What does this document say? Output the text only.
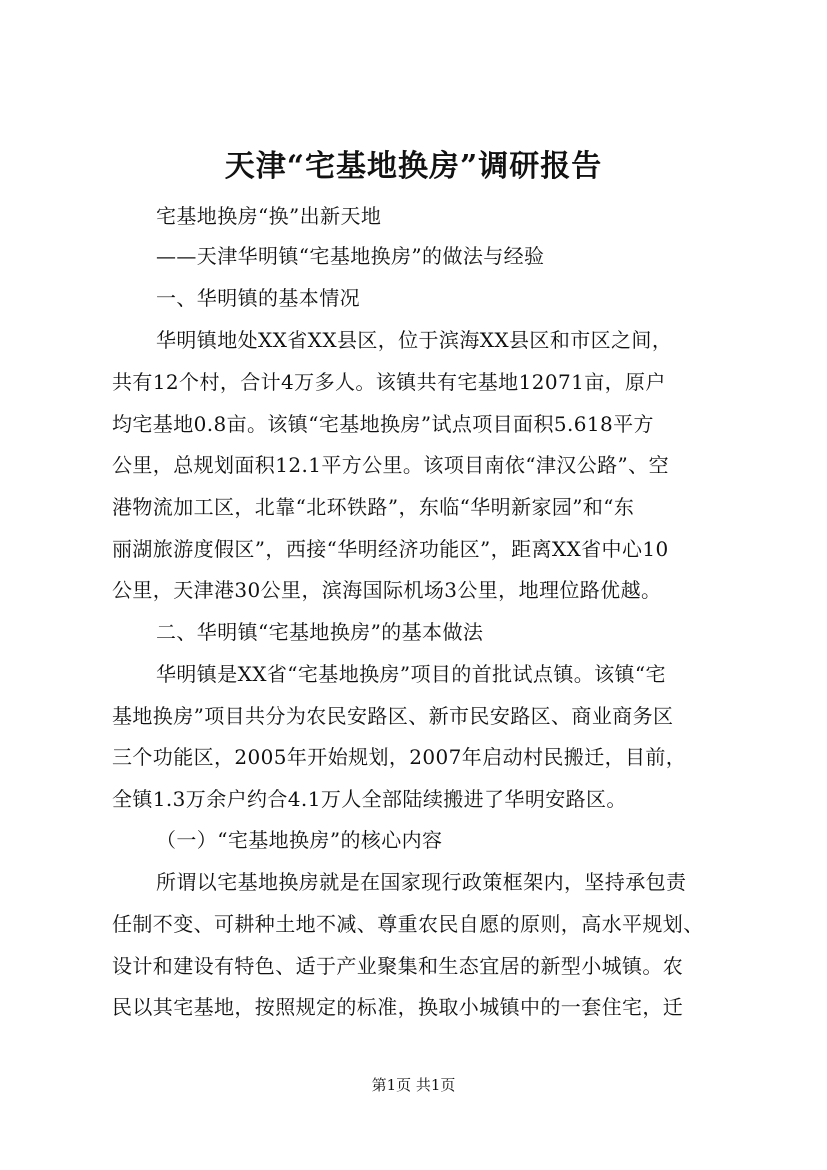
天津“宅基地换房”调研报告
宅基地换房“换”出新天地
——天津华明镇“宅基地换房”的做法与经验
一、华明镇的基本情况
华明镇地处XX省XX县区，位于滨海XX县区和市区之间，
共有12个村，合计4万多人。该镇共有宅基地12071亩，原户
均宅基地0.8亩。该镇“宅基地换房”试点项目面积5.618平方
公里，总规划面积12.1平方公里。该项目南依“津汉公路”、空
港物流加工区，北靠“北环铁路”，东临“华明新家园”和“东
丽湖旅游度假区”，西接“华明经济功能区”，距离XX省中心10
公里，天津港30公里，滨海国际机场3公里，地理位路优越。
二、华明镇“宅基地换房”的基本做法
华明镇是XX省“宅基地换房”项目的首批试点镇。该镇“宅
基地换房”项目共分为农民安路区、新市民安路区、商业商务区
三个功能区，2005年开始规划，2007年启动村民搬迁，目前，
全镇1.3万余户约合4.1万人全部陆续搬进了华明安路区。
（一）“宅基地换房”的核心内容
所谓以宅基地换房就是在国家现行政策框架内，坚持承包责
任制不变、可耕种土地不减、尊重农民自愿的原则，高水平规划、
设计和建设有特色、适于产业聚集和生态宜居的新型小城镇。农
民以其宅基地，按照规定的标准，换取小城镇中的一套住宅，迁
第1页 共1页
